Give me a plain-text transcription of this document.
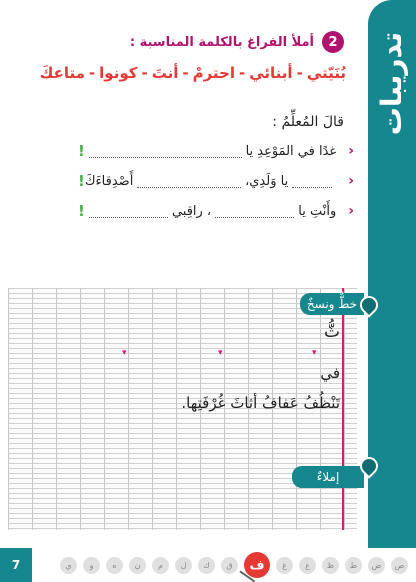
تدريبات
2
أملأ الفراغ بالكلمة المناسبة :
بُنَيّتي-أبنائي-احترمْ-أنتَ-كونوا-متاعكَ
قالَ المُعلِّمُ :
‹
غدًا في المَوْعِدِ يا
!
‹
يا وَلَدِي،
أَصْدِقاءَكَ
!
‹
وأَنْتِ يا
، راقِبي
!
▾	▾	▾
خطٌّ ونسخٌ
ثُّ
في
تَنْظُفُ عَفافُ أثاثَ غُرْفَتِها.
إملاءٌ
7	ص
ض
ط
ظ
ع
غ
ف
ق
ك
ل
م
ن
ه
و
ي
